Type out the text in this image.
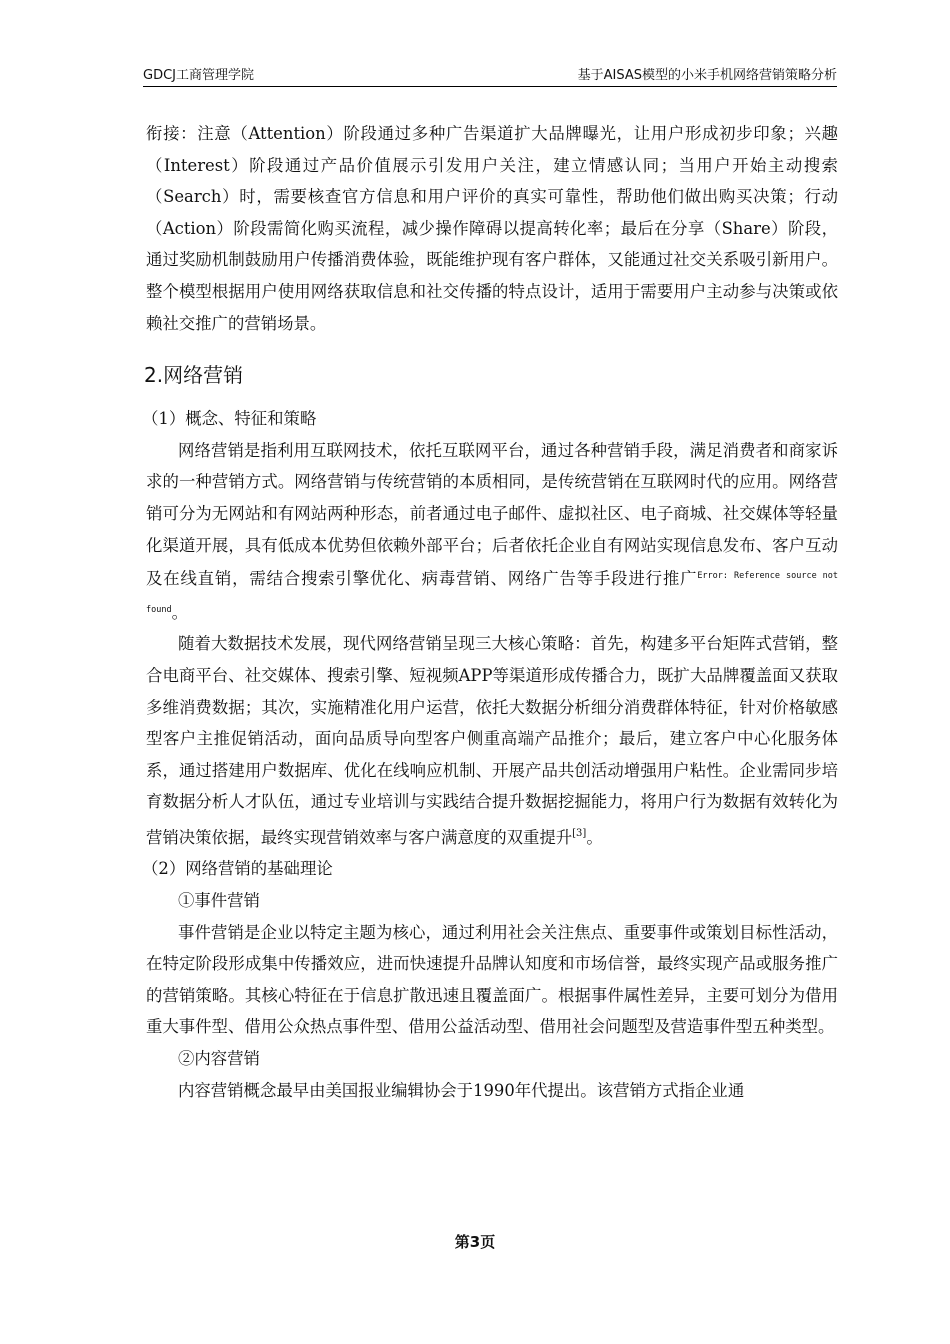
GDCJ工商管理学院	基于AISAS模型的小米手机网络营销策略分析

衔接：注意（Attention）阶段通过多种广告渠道扩大品牌曝光，让用户形成初步印象；兴趣（Interest）阶段通过产品价值展示引发用户关注，建立情感认同；当用户开始主动搜索（Search）时，需要核查官方信息和用户评价的真实可靠性，帮助他们做出购买决策；行动（Action）阶段需简化购买流程，减少操作障碍以提高转化率；最后在分享（Share）阶段，通过奖励机制鼓励用户传播消费体验，既能维护现有客户群体，又能通过社交关系吸引新用户。整个模型根据用户使用网络获取信息和社交传播的特点设计，适用于需要用户主动参与决策或依赖社交推广的营销场景。

2.网络营销

（1）概念、特征和策略

网络营销是指利用互联网技术，依托互联网平台，通过各种营销手段，满足消费者和商家诉求的一种营销方式。网络营销与传统营销的本质相同，是传统营销在互联网时代的应用。网络营销可分为无网站和有网站两种形态，前者通过电子邮件、虚拟社区、电子商城、社交媒体等轻量化渠道开展，具有低成本优势但依赖外部平台；后者依托企业自有网站实现信息发布、客户互动及在线直销，需结合搜索引擎优化、病毒营销、网络广告等手段进行推广$^{Error: Reference source not found}$。

随着大数据技术发展，现代网络营销呈现三大核心策略：首先，构建多平台矩阵式营销，整合电商平台、社交媒体、搜索引擎、短视频APP等渠道形成传播合力，既扩大品牌覆盖面又获取多维消费数据；其次，实施精准化用户运营，依托大数据分析细分消费群体特征，针对价格敏感型客户主推促销活动，面向品质导向型客户侧重高端产品推介；最后，建立客户中心化服务体系，通过搭建用户数据库、优化在线响应机制、开展产品共创活动增强用户粘性。企业需同步培育数据分析人才队伍，通过专业培训与实践结合提升数据挖掘能力，将用户行为数据有效转化为营销决策依据，最终实现营销效率与客户满意度的双重提升[3]。

（2）网络营销的基础理论

①事件营销

事件营销是企业以特定主题为核心，通过利用社会关注焦点、重要事件或策划目标性活动，在特定阶段形成集中传播效应，进而快速提升品牌认知度和市场信誉，最终实现产品或服务推广的营销策略。其核心特征在于信息扩散迅速且覆盖面广。根据事件属性差异，主要可划分为借用重大事件型、借用公众热点事件型、借用公益活动型、借用社会问题型及营造事件型五种类型。

②内容营销

内容营销概念最早由美国报业编辑协会于1990年代提出。该营销方式指企业通

第3页
